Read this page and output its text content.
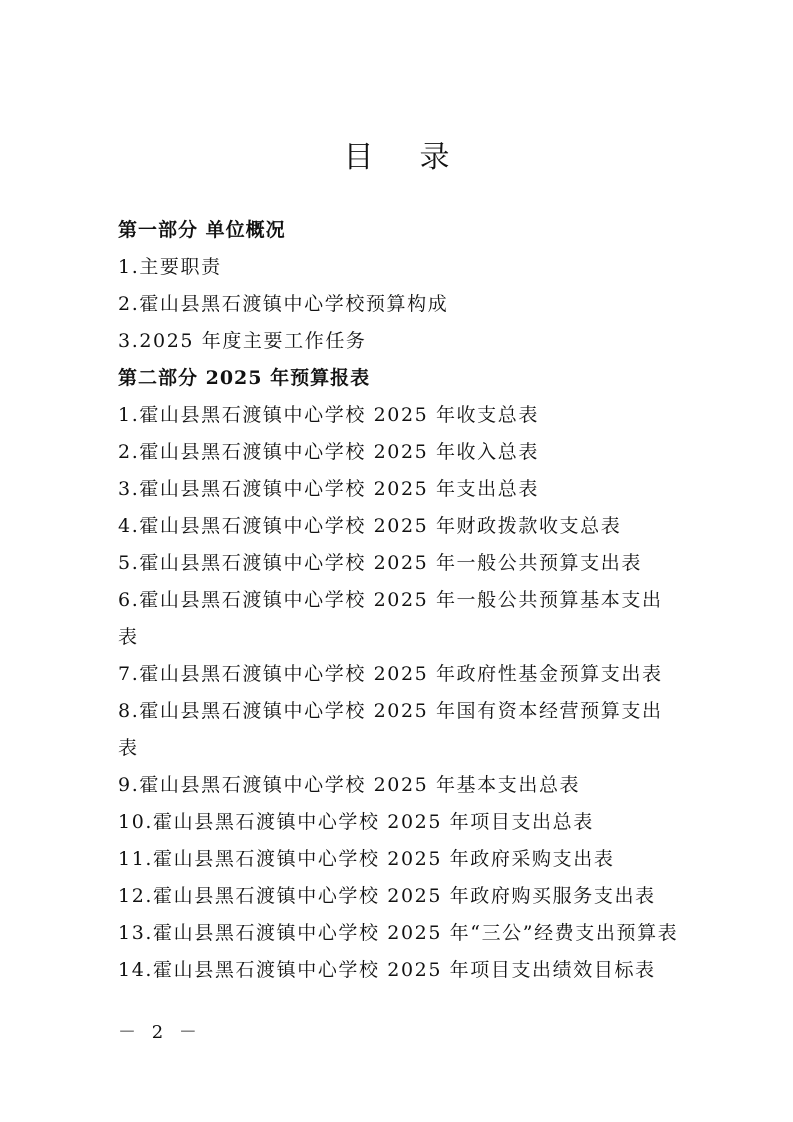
目录
第一部分 单位概况
1.主要职责
2.霍山县黑石渡镇中心学校预算构成
3.2025 年度主要工作任务
第二部分 2025 年预算报表
1.霍山县黑石渡镇中心学校 2025 年收支总表
2.霍山县黑石渡镇中心学校 2025 年收入总表
3.霍山县黑石渡镇中心学校 2025 年支出总表
4.霍山县黑石渡镇中心学校 2025 年财政拨款收支总表
5.霍山县黑石渡镇中心学校 2025 年一般公共预算支出表
6.霍山县黑石渡镇中心学校 2025 年一般公共预算基本支出表
7.霍山县黑石渡镇中心学校 2025 年政府性基金预算支出表
8.霍山县黑石渡镇中心学校 2025 年国有资本经营预算支出表
9.霍山县黑石渡镇中心学校 2025 年基本支出总表
10.霍山县黑石渡镇中心学校 2025 年项目支出总表
11.霍山县黑石渡镇中心学校 2025 年政府采购支出表
12.霍山县黑石渡镇中心学校 2025 年政府购买服务支出表
13.霍山县黑石渡镇中心学校 2025 年“三公”经费支出预算表
14.霍山县黑石渡镇中心学校 2025 年项目支出绩效目标表
－ 2 －
